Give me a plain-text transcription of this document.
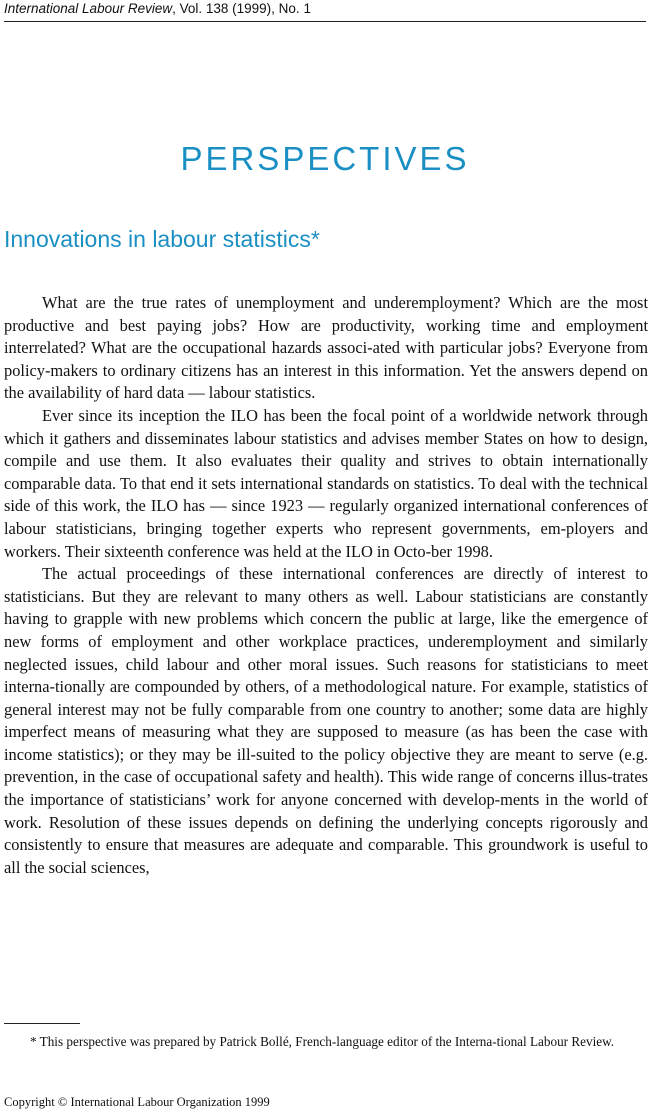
International Labour Review, Vol. 138 (1999), No. 1
PERSPECTIVES
Innovations in labour statistics*

What are the true rates of unemployment and underemployment? Which are the most productive and best paying jobs? How are productivity, working time and employment interrelated? What are the occupational hazards associ-ated with particular jobs? Everyone from policy-makers to ordinary citizens has an interest in this information. Yet the answers depend on the availability of hard data — labour statistics.

Ever since its inception the ILO has been the focal point of a worldwide network through which it gathers and disseminates labour statistics and advises member States on how to design, compile and use them. It also evaluates their quality and strives to obtain internationally comparable data. To that end it sets international standards on statistics. To deal with the technical side of this work, the ILO has — since 1923 — regularly organized international conferences of labour statisticians, bringing together experts who represent governments, em-ployers and workers. Their sixteenth conference was held at the ILO in Octo-ber 1998.

The actual proceedings of these international conferences are directly of interest to statisticians. But they are relevant to many others as well. Labour statisticians are constantly having to grapple with new problems which concern the public at large, like the emergence of new forms of employment and other workplace practices, underemployment and similarly neglected issues, child labour and other moral issues. Such reasons for statisticians to meet interna-tionally are compounded by others, of a methodological nature. For example, statistics of general interest may not be fully comparable from one country to another; some data are highly imperfect means of measuring what they are supposed to measure (as has been the case with income statistics); or they may be ill-suited to the policy objective they are meant to serve (e.g. prevention, in the case of occupational safety and health). This wide range of concerns illus-trates the importance of statisticians’ work for anyone concerned with develop-ments in the world of work. Resolution of these issues depends on defining the underlying concepts rigorously and consistently to ensure that measures are adequate and comparable. This groundwork is useful to all the social sciences,

* This perspective was prepared by Patrick Bollé, French-language editor of the Interna-tional Labour Review.

Copyright © International Labour Organization 1999
